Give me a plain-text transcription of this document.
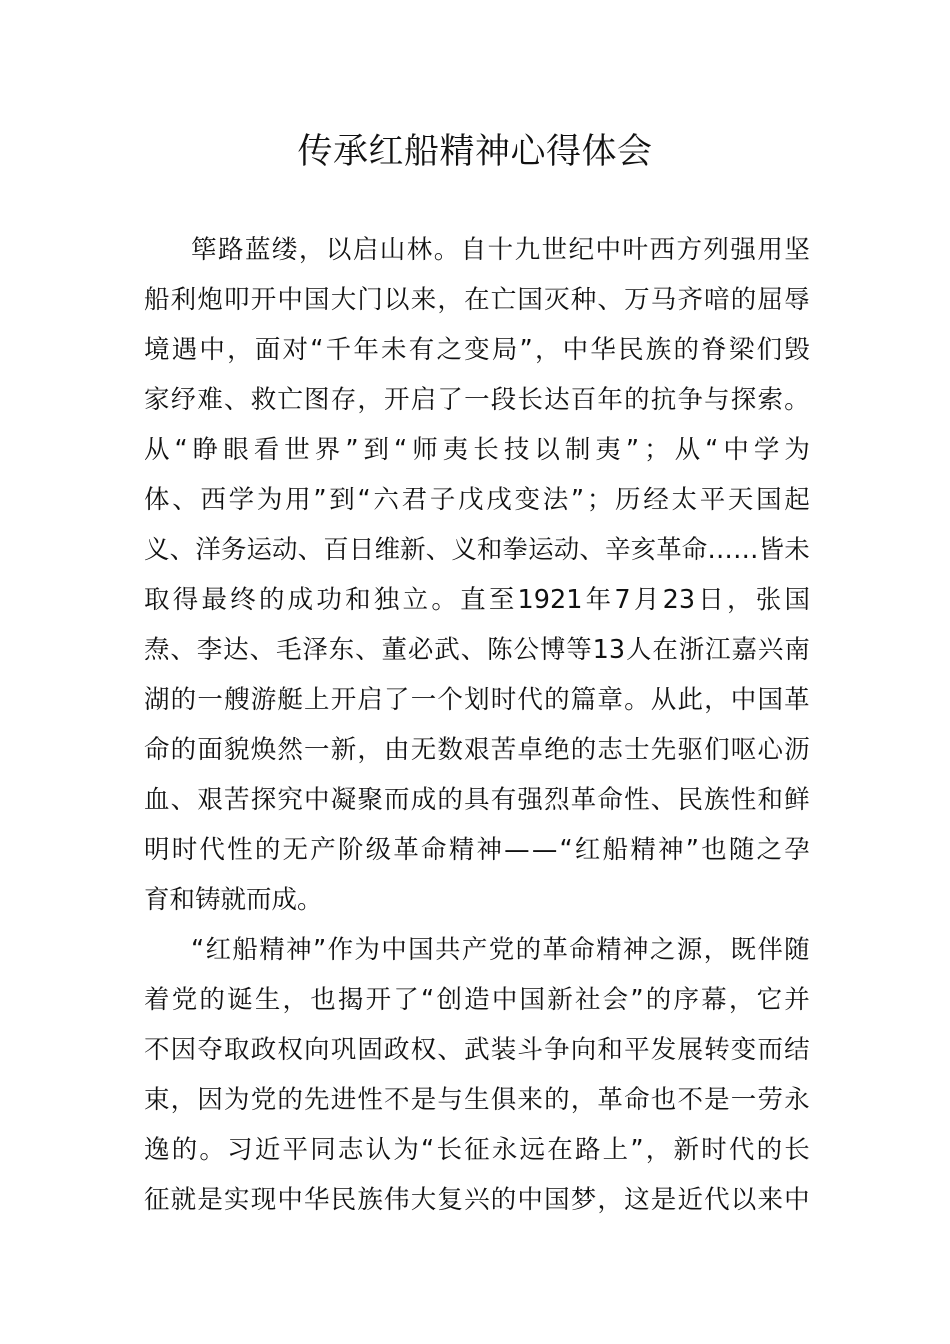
传承红船精神心得体会
筚 路 蓝 缕 ， 以 启 山 林 。 自 十 九 世 纪 中 叶 西 方 列 强 用 坚
船 利 炮 叩 开 中 国 大 门 以 来 ， 在 亡 国 灭 种 、 万 马 齐 喑 的 屈 辱
境 遇 中 ， 面 对 “ 千 年 未 有 之 变 局 ” ， 中 华 民 族 的 脊 梁 们 毁
家 纾 难 、 救 亡 图 存 ， 开 启 了 一 段 长 达 百 年 的 抗 争 与 探 索 。
从 “ 睁 眼 看 世 界 ” 到 “ 师 夷 长 技 以 制 夷 ” ； 从 “ 中 学 为
体 、 西 学 为 用 ” 到 “ 六 君 子 戊 戌 变 法 ” ； 历 经 太 平 天 国 起
义 、 洋 务 运 动 、 百 日 维 新 、 义 和 拳 运 动 、 辛 亥 革 命 … … 皆 未
取 得 最 终 的 成 功 和 独 立 。 直 至 1921 年 7 月 23 日 ， 张 国
焘 、 李 达 、 毛 泽 东 、 董 必 武 、 陈 公 博 等 13 人 在 浙 江 嘉 兴 南
湖 的 一 艘 游 艇 上 开 启 了 一 个 划 时 代 的 篇 章 。 从 此 ， 中 国 革
命 的 面 貌 焕 然 一 新 ， 由 无 数 艰 苦 卓 绝 的 志 士 先 驱 们 呕 心 沥
血 、 艰 苦 探 究 中 凝 聚 而 成 的 具 有 强 烈 革 命 性 、 民 族 性 和 鲜
明 时 代 性 的 无 产 阶 级 革 命 精 神 — — “ 红 船 精 神 ” 也 随 之 孕
育和铸就而成。
“ 红 船 精 神 ” 作 为 中 国 共 产 党 的 革 命 精 神 之 源 ， 既 伴 随
着 党 的 诞 生 ， 也 揭 开 了 “ 创 造 中 国 新 社 会 ” 的 序 幕 ， 它 并
不 因 夺 取 政 权 向 巩 固 政 权 、 武 装 斗 争 向 和 平 发 展 转 变 而 结
束 ， 因 为 党 的 先 进 性 不 是 与 生 俱 来 的 ， 革 命 也 不 是 一 劳 永
逸 的 。 习 近 平 同 志 认 为 “ 长 征 永 远 在 路 上 ” ， 新 时 代 的 长
征 就 是 实 现 中 华 民 族 伟 大 复 兴 的 中 国 梦 ， 这 是 近 代 以 来 中
